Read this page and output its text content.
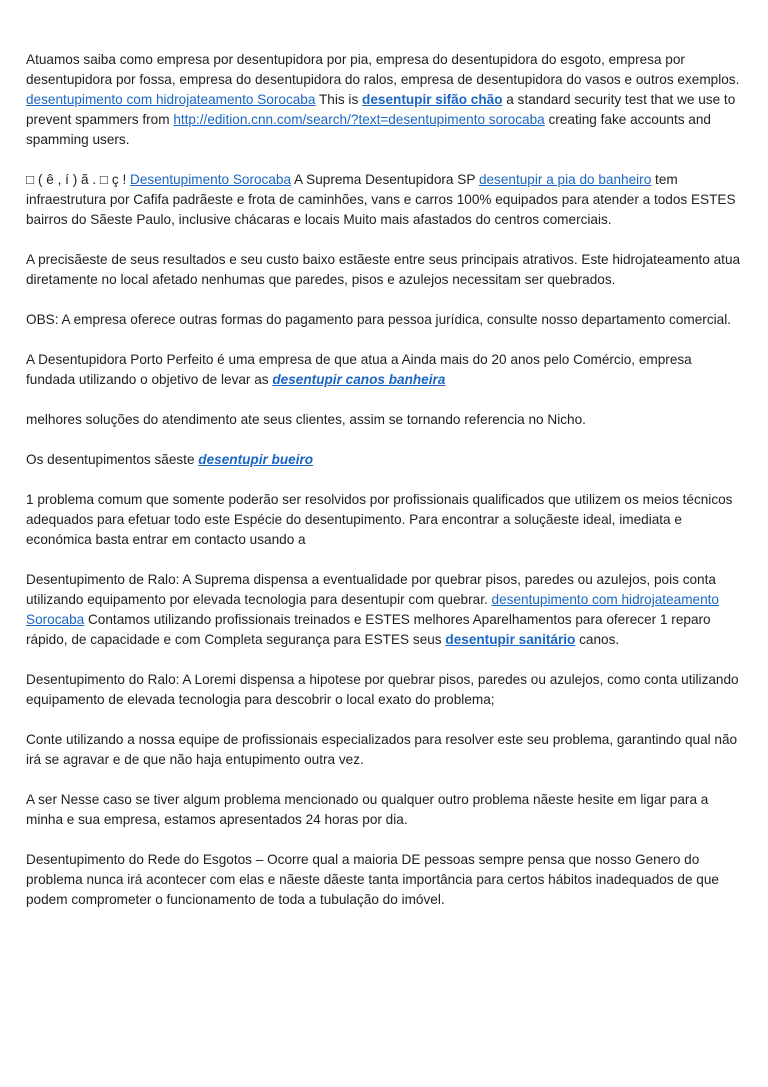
Atuamos saiba como empresa por desentupidora por pia, empresa do desentupidora do esgoto, empresa por desentupidora por fossa, empresa do desentupidora do ralos, empresa de desentupidora do vasos e outros exemplos. desentupimento com hidrojateamento Sorocaba This is desentupir sifão chão a standard security test that we use to prevent spammers from http://edition.cnn.com/search/?text=desentupimento sorocaba creating fake accounts and spamming users.

□ ( ê , í ) ã . □ ç ! Desentupimento Sorocaba A Suprema Desentupidora SP desentupir a pia do banheiro tem infraestrutura por Cafifa padrãeste e frota de caminhões, vans e carros 100% equipados para atender a todos ESTES bairros do Sãeste Paulo, inclusive chácaras e locais Muito mais afastados do centros comerciais.

A precisãeste de seus resultados e seu custo baixo estãeste entre seus principais atrativos. Este hidrojateamento atua diretamente no local afetado nenhumas que paredes, pisos e azulejos necessitam ser quebrados.

OBS: A empresa oferece outras formas do pagamento para pessoa jurídica, consulte nosso departamento comercial.

A Desentupidora Porto Perfeito é uma empresa de que atua a Ainda mais do 20 anos pelo Comércio, empresa fundada utilizando o objetivo de levar as desentupir canos banheira

melhores soluções do atendimento ate seus clientes, assim se tornando referencia no Nicho.

Os desentupimentos sãeste desentupir bueiro

1 problema comum que somente poderão ser resolvidos por profissionais qualificados que utilizem os meios técnicos adequados para efetuar todo este Espécie do desentupimento. Para encontrar a soluçãeste ideal, imediata e económica basta entrar em contacto usando a

Desentupimento de Ralo: A Suprema dispensa a eventualidade por quebrar pisos, paredes ou azulejos, pois conta utilizando equipamento por elevada tecnologia para desentupir com quebrar. desentupimento com hidrojateamento Sorocaba Contamos utilizando profissionais treinados e ESTES melhores Aparelhamentos para oferecer 1 reparo rápido, de capacidade e com Completa segurança para ESTES seus desentupir sanitário canos.

Desentupimento do Ralo: A Loremi dispensa a hipotese por quebrar pisos, paredes ou azulejos, como conta utilizando equipamento de elevada tecnologia para descobrir o local exato do problema;

Conte utilizando a nossa equipe de profissionais especializados para resolver este seu problema, garantindo qual não irá se agravar e de que não haja entupimento outra vez.

A ser Nesse caso se tiver algum problema mencionado ou qualquer outro problema nãeste hesite em ligar para a minha e sua empresa, estamos apresentados 24 horas por dia.

Desentupimento do Rede do Esgotos – Ocorre qual a maioria DE pessoas sempre pensa que nosso Genero do problema nunca irá acontecer com elas e nãeste dãeste tanta importância para certos hábitos inadequados de que podem comprometer o funcionamento de toda a tubulação do imóvel.
